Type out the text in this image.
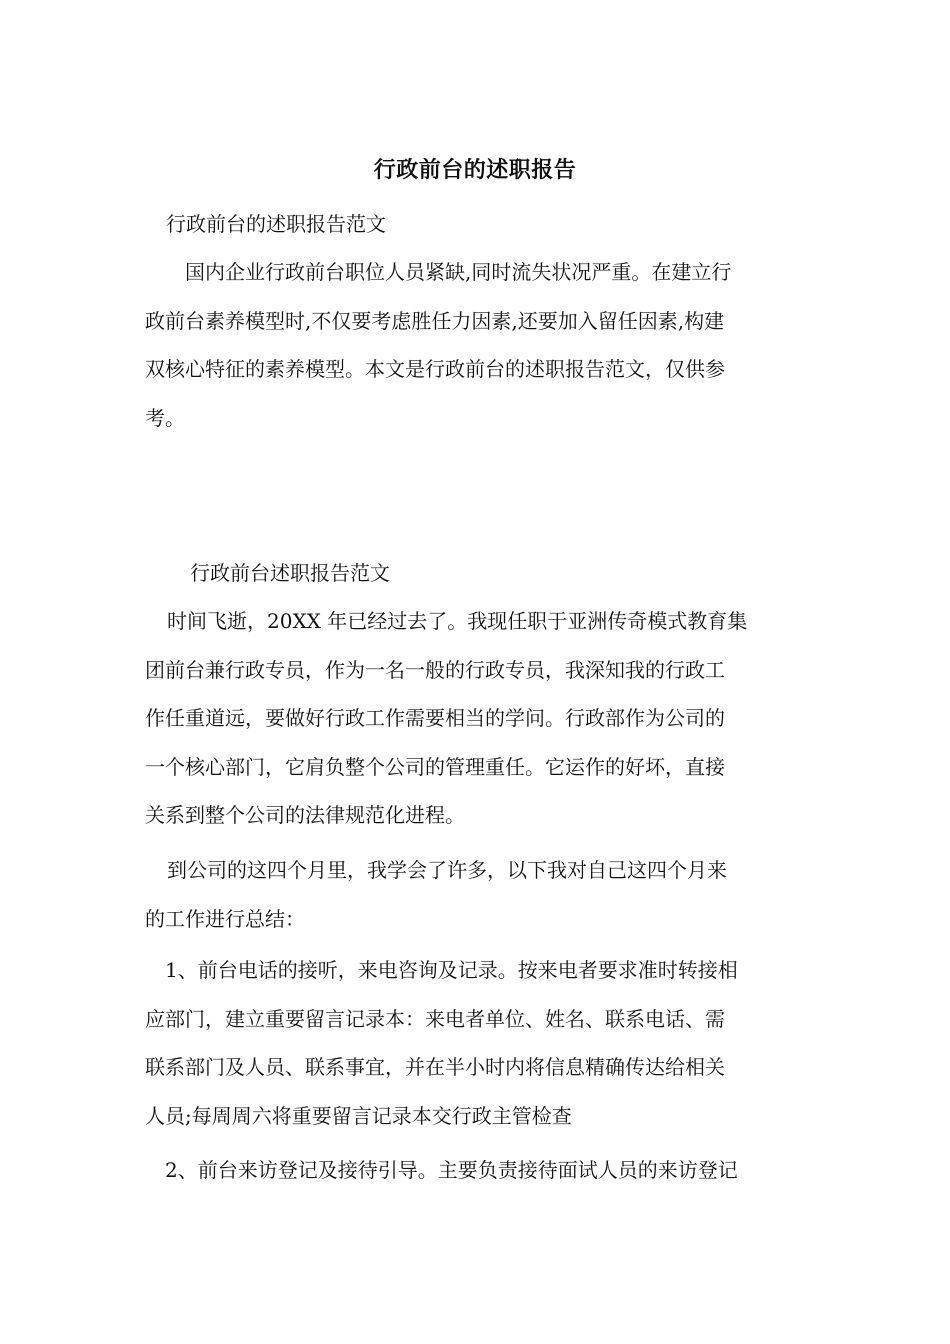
行政前台的述职报告
行政前台的述职报告范文
国内企业行政前台职位人员紧缺,同时流失状况严重。在建立行
政前台素养模型时,不仅要考虑胜任力因素,还要加入留任因素,构建
双核心特征的素养模型。本文是行政前台的述职报告范文，仅供参
考。
行政前台述职报告范文
时间飞逝，20XX 年已经过去了。我现任职于亚洲传奇模式教育集
团前台兼行政专员，作为一名一般的行政专员，我深知我的行政工
作任重道远，要做好行政工作需要相当的学问。行政部作为公司的
一个核心部门，它肩负整个公司的管理重任。它运作的好坏，直接
关系到整个公司的法律规范化进程。
到公司的这四个月里，我学会了许多，以下我对自己这四个月来
的工作进行总结：
1、前台电话的接听，来电咨询及记录。按来电者要求准时转接相
应部门，建立重要留言记录本：来电者单位、姓名、联系电话、需
联系部门及人员、联系事宜，并在半小时内将信息精确传达给相关
人员;每周周六将重要留言记录本交行政主管检查
2、前台来访登记及接待引导。主要负责接待面试人员的来访登记
